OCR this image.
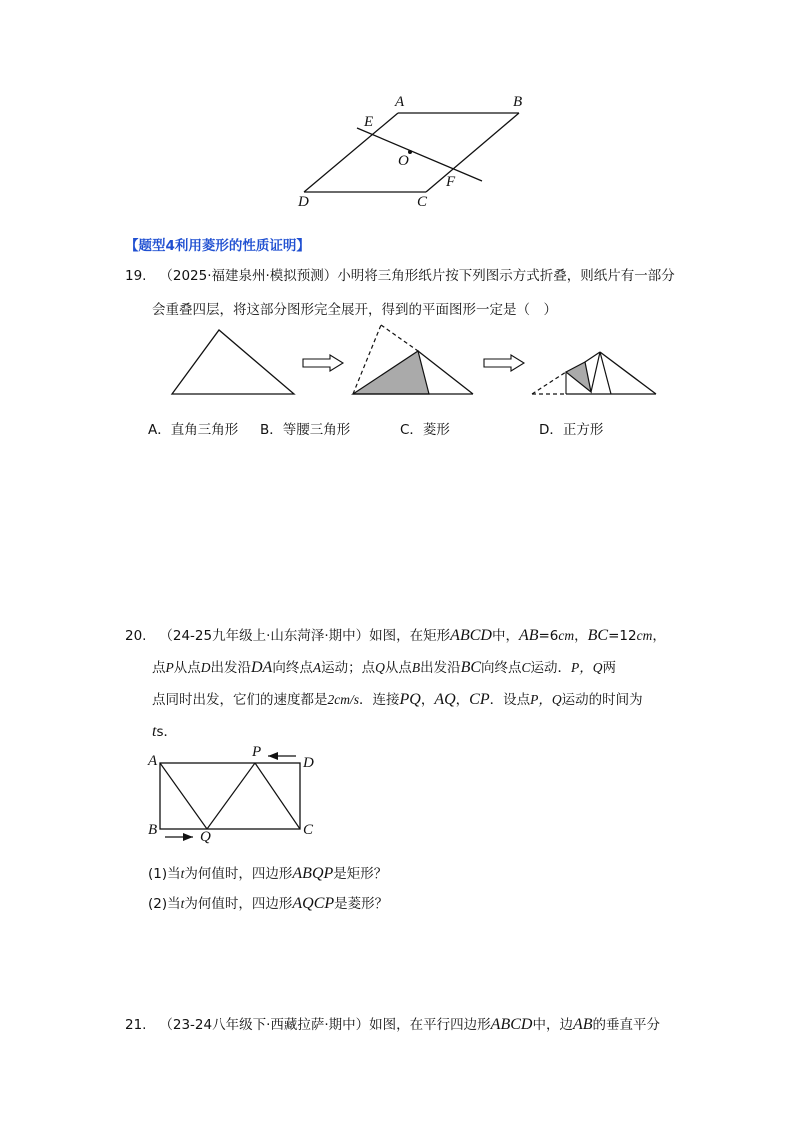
A	B
C
D
E
F
O
【题型4利用菱形的性质证明】
19. （2025·福建泉州·模拟预测）小明将三角形纸片按下列图示方式折叠，则纸片有一部分
会重叠四层，将这部分图形完全展开，得到的平面图形一定是（　）
A．直角三角形 B．等腰三角形	C．菱形	D．正方形
20. （24-25九年级上·山东菏泽·期中）如图，在矩形ABCD中，AB=6cm，BC=12cm，
点P从点D出发沿DA向终点A运动；点Q从点B出发沿BC向终点C运动．P，Q两
点同时出发，它们的速度都是2cm/s．连接PQ，AQ，CP．设点P，Q运动的时间为
ts．
A	D
B	C
P
Q
(1)当t为何值时，四边形ABQP是矩形？
(2)当t为何值时，四边形AQCP是菱形？
21. （23-24八年级下·西藏拉萨·期中）如图，在平行四边形ABCD中，边AB的垂直平分
